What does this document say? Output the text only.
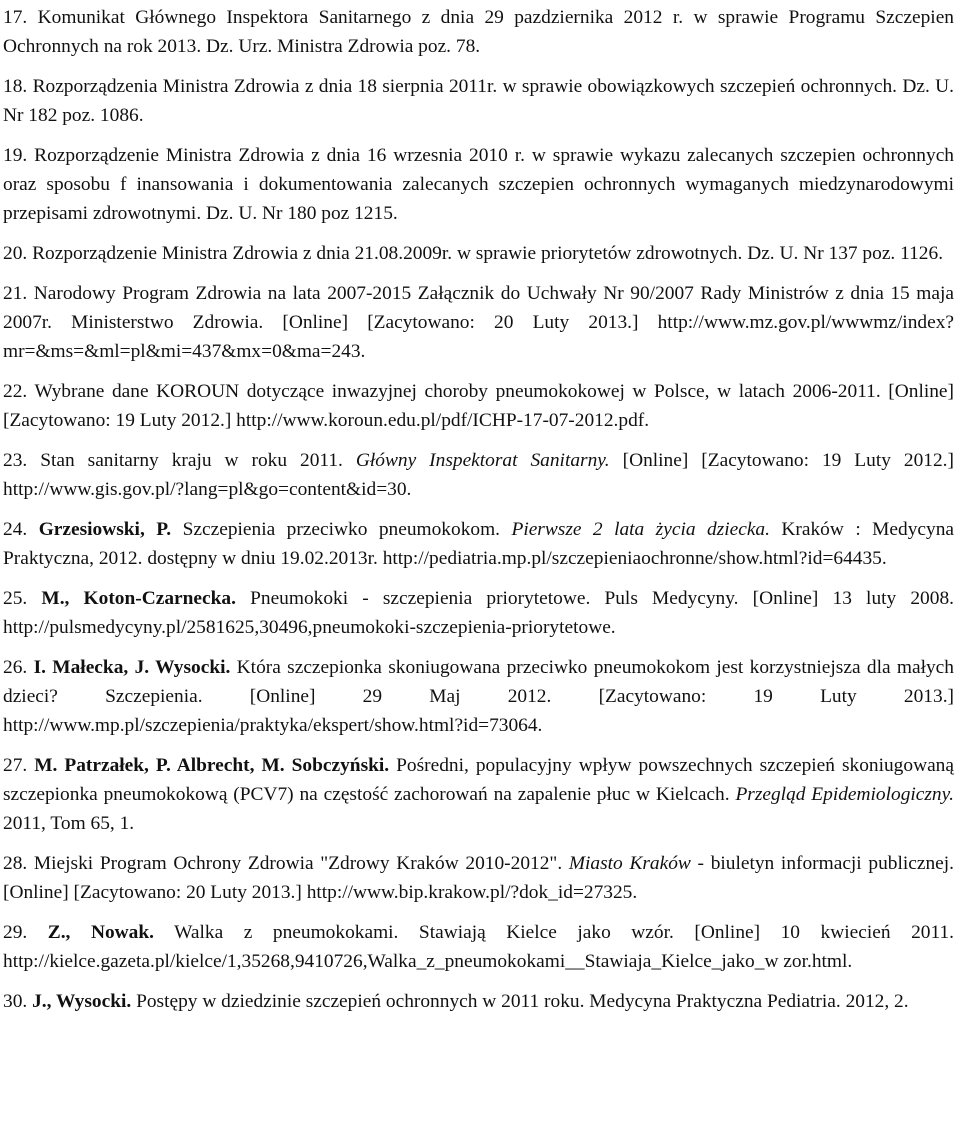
17. Komunikat Głównego Inspektora Sanitarnego z dnia 29 pazdziernika 2012 r. w sprawie Programu Szczepien Ochronnych na rok 2013. Dz. Urz. Ministra Zdrowia poz. 78.

18. Rozporządzenia Ministra Zdrowia z dnia 18 sierpnia 2011r. w sprawie obowiązkowych szczepień ochronnych. Dz. U. Nr 182 poz. 1086.

19. Rozporządzenie Ministra Zdrowia z dnia 16 wrzesnia 2010 r. w sprawie wykazu zalecanych szczepien ochronnych oraz sposobu f inansowania i dokumentowania zalecanych szczepien ochronnych wymaganych miedzynarodowymi przepisami zdrowotnymi. Dz. U. Nr 180 poz 1215.

20. Rozporządzenie Ministra Zdrowia z dnia 21.08.2009r. w sprawie priorytetów zdrowotnych. Dz. U. Nr 137 poz. 1126.

21. Narodowy Program Zdrowia na lata 2007-2015 Załącznik do Uchwały Nr 90/2007 Rady Ministrów z dnia 15 maja 2007r. Ministerstwo Zdrowia. [Online] [Zacytowano: 20 Luty 2013.] http://www.mz.gov.pl/wwwmz/index?mr=&ms=&ml=pl&mi=437&mx=0&ma=243.

22. Wybrane dane KOROUN dotyczące inwazyjnej choroby pneumokokowej w Polsce, w latach 2006-2011. [Online] [Zacytowano: 19 Luty 2012.] http://www.koroun.edu.pl/pdf/ICHP-17-07-2012.pdf.

23. Stan sanitarny kraju w roku 2011. Główny Inspektorat Sanitarny. [Online] [Zacytowano: 19 Luty 2012.] http://www.gis.gov.pl/?lang=pl&go=content&id=30.

24. Grzesiowski, P. Szczepienia przeciwko pneumokokom. Pierwsze 2 lata życia dziecka. Kraków : Medycyna Praktyczna, 2012. dostępny w dniu 19.02.2013r. http://pediatria.mp.pl/szczepieniaochronne/show.html?id=64435.

25. M., Koton-Czarnecka. Pneumokoki - szczepienia priorytetowe. Puls Medycyny. [Online] 13 luty 2008. http://pulsmedycyny.pl/2581625,30496,pneumokoki-szczepienia-priorytetowe.

26. I. Małecka, J. Wysocki. Która szczepionka skoniugowana przeciwko pneumokokom jest korzystniejsza dla małych dzieci? Szczepienia. [Online] 29 Maj 2012. [Zacytowano: 19 Luty 2013.] http://www.mp.pl/szczepienia/praktyka/ekspert/show.html?id=73064.

27. M. Patrzałek, P. Albrecht, M. Sobczyński. Pośredni, populacyjny wpływ powszechnych szczepień skoniugowaną szczepionka pneumokokową (PCV7) na częstość zachorowań na zapalenie płuc w Kielcach. Przegląd Epidemiologiczny. 2011, Tom 65, 1.

28. Miejski Program Ochrony Zdrowia "Zdrowy Kraków 2010-2012". Miasto Kraków - biuletyn informacji publicznej. [Online] [Zacytowano: 20 Luty 2013.] http://www.bip.krakow.pl/?dok_id=27325.

29. Z., Nowak. Walka z pneumokokami. Stawiają Kielce jako wzór. [Online] 10 kwiecień 2011. http://kielce.gazeta.pl/kielce/1,35268,9410726,Walka_z_pneumokokami__Stawiaja_Kielce_jako_w zor.html.

30. J., Wysocki. Postępy w dziedzinie szczepień ochronnych w 2011 roku. Medycyna Praktyczna Pediatria. 2012, 2.
